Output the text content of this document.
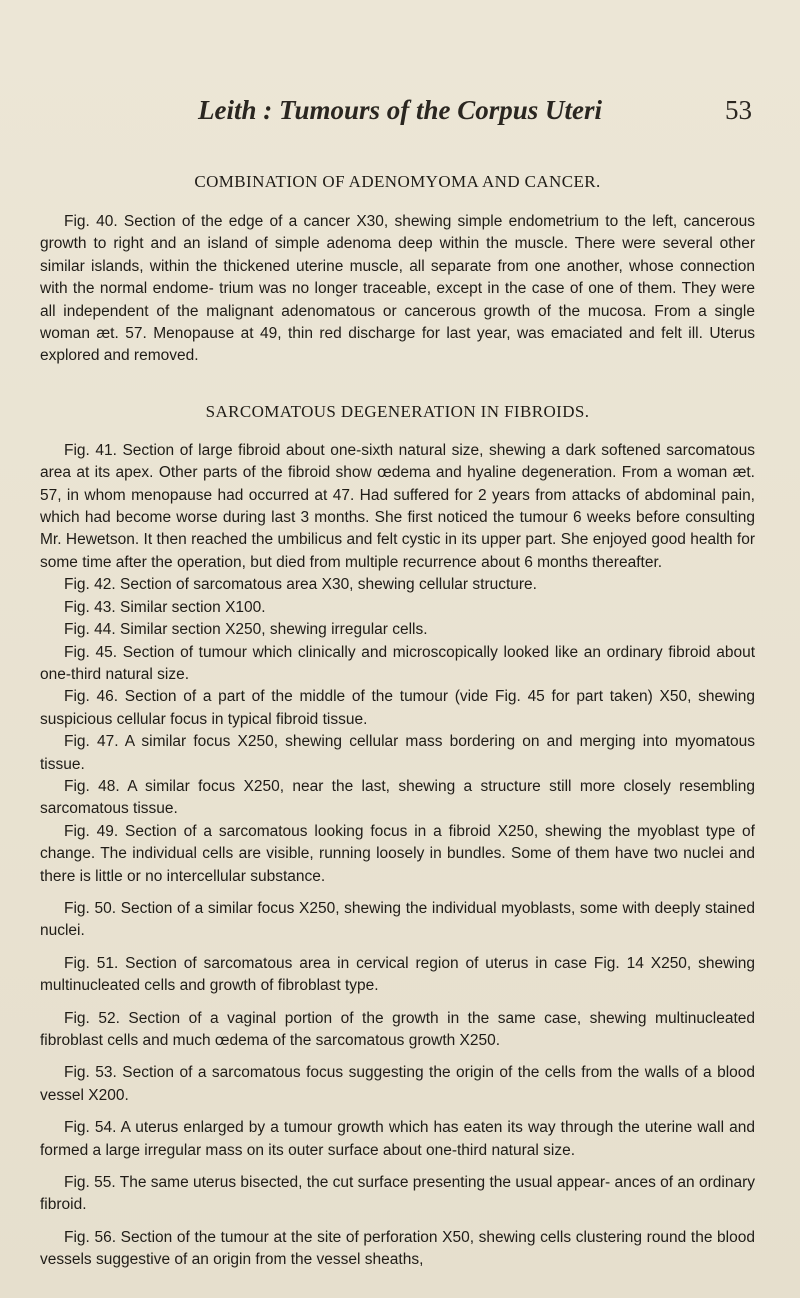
Leith : Tumours of the Corpus Uteri	53
COMBINATION OF ADENOMYOMA AND CANCER.

Fig. 40. Section of the edge of a cancer X30, shewing simple endometrium to the left, cancerous growth to right and an island of simple adenoma deep within the muscle. There were several other similar islands, within the thickened uterine muscle, all separate from one another, whose connection with the normal endome- trium was no longer traceable, except in the case of one of them. They were all independent of the malignant adenomatous or cancerous growth of the mucosa. From a single woman æt. 57. Menopause at 49, thin red discharge for last year, was emaciated and felt ill. Uterus explored and removed.

SARCOMATOUS DEGENERATION IN FIBROIDS.

Fig. 41. Section of large fibroid about one-sixth natural size, shewing a dark softened sarcomatous area at its apex. Other parts of the fibroid show œdema and hyaline degeneration. From a woman æt. 57, in whom menopause had occurred at 47. Had suffered for 2 years from attacks of abdominal pain, which had become worse during last 3 months. She first noticed the tumour 6 weeks before consulting Mr. Hewetson. It then reached the umbilicus and felt cystic in its upper part. She enjoyed good health for some time after the operation, but died from multiple recurrence about 6 months thereafter.

Fig. 42. Section of sarcomatous area X30, shewing cellular structure.

Fig. 43. Similar section X100.

Fig. 44. Similar section X250, shewing irregular cells.

Fig. 45. Section of tumour which clinically and microscopically looked like an ordinary fibroid about one-third natural size.

Fig. 46. Section of a part of the middle of the tumour (vide Fig. 45 for part taken) X50, shewing suspicious cellular focus in typical fibroid tissue.

Fig. 47. A similar focus X250, shewing cellular mass bordering on and merging into myomatous tissue.

Fig. 48. A similar focus X250, near the last, shewing a structure still more closely resembling sarcomatous tissue.

Fig. 49. Section of a sarcomatous looking focus in a fibroid X250, shewing the myoblast type of change. The individual cells are visible, running loosely in bundles. Some of them have two nuclei and there is little or no intercellular substance.

Fig. 50. Section of a similar focus X250, shewing the individual myoblasts, some with deeply stained nuclei.

Fig. 51. Section of sarcomatous area in cervical region of uterus in case Fig. 14 X250, shewing multinucleated cells and growth of fibroblast type.

Fig. 52. Section of a vaginal portion of the growth in the same case, shewing multinucleated fibroblast cells and much œdema of the sarcomatous growth X250.

Fig. 53. Section of a sarcomatous focus suggesting the origin of the cells from the walls of a blood vessel X200.

Fig. 54. A uterus enlarged by a tumour growth which has eaten its way through the uterine wall and formed a large irregular mass on its outer surface about one-third natural size.

Fig. 55. The same uterus bisected, the cut surface presenting the usual appear- ances of an ordinary fibroid.

Fig. 56. Section of the tumour at the site of perforation X50, shewing cells clustering round the blood vessels suggestive of an origin from the vessel sheaths,
